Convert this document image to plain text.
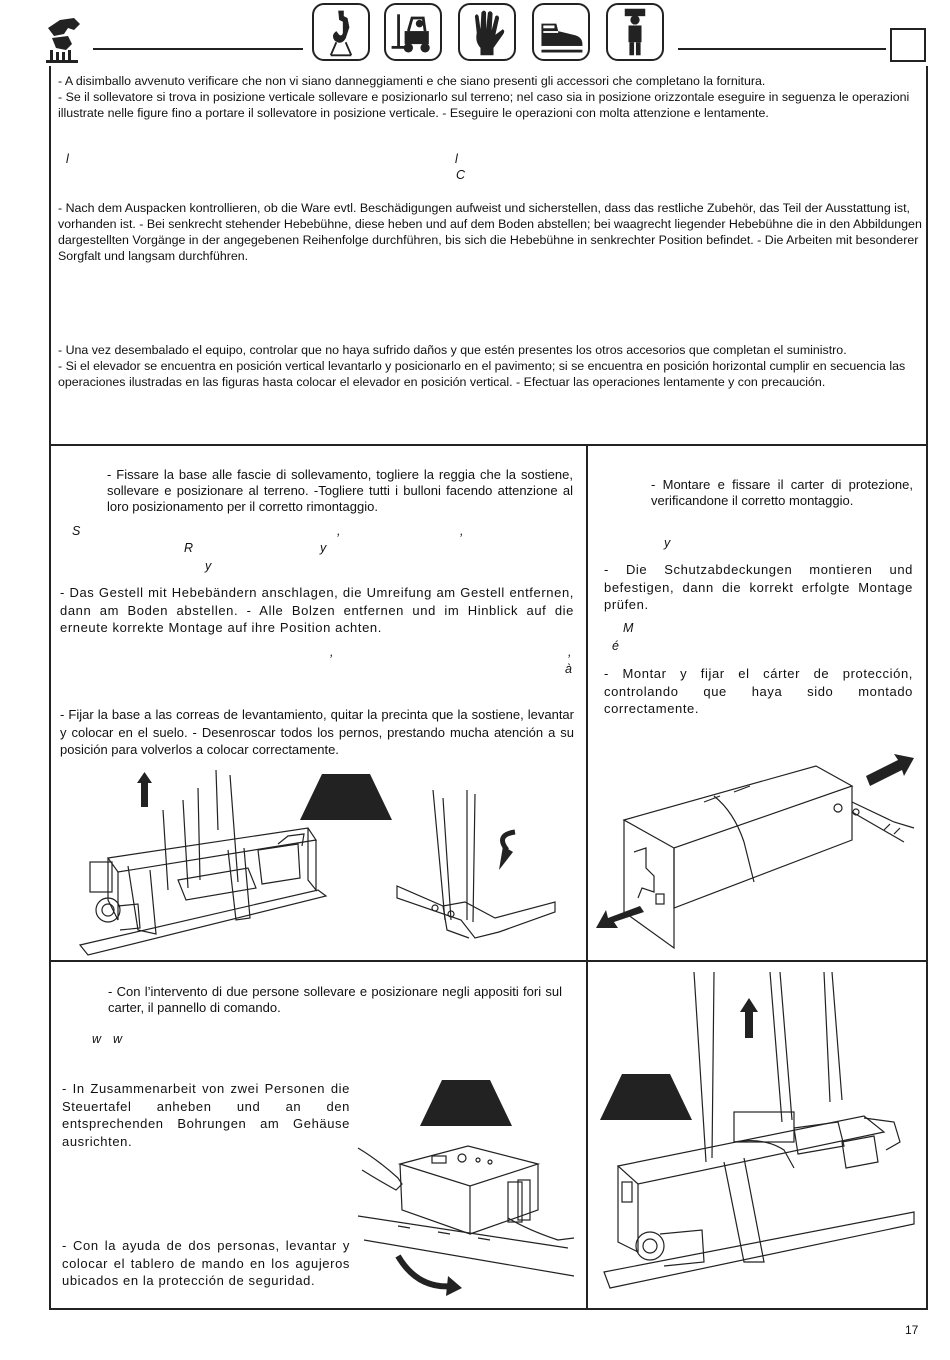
- A disimballo avvenuto verificare che non vi siano danneggiamenti e che siano presenti gli accessori che completano la fornitura.
- Se il sollevatore si trova in posizione verticale sollevare e posizionarlo sul terreno; nel caso sia in posizione orizzontale eseguire in seguenza le operazioni illustrate nelle figure fino a portare il sollevatore in posizione verticale. - Eseguire le operazioni con molta attenzione e lentamente.
l	l
C
- Nach dem Auspacken kontrollieren, ob die Ware evtl. Beschädigungen aufweist und sicherstellen, dass das restliche Zubehör, das Teil der Ausstattung ist, vorhanden ist. - Bei senkrecht stehender Hebebühne, diese heben und auf dem Boden abstellen; bei waagrecht liegender Hebebühne die in den Abbildungen dargestellten Vorgänge in der angegebenen Reihenfolge durchführen, bis sich die Hebebühne in senkrechter Position befindet. - Die Arbeiten mit besonderer Sorgfalt und langsam durchführen.
- Una vez desembalado el equipo, controlar que no haya sufrido daños y que estén presentes los otros accesorios que completan el suministro.
- Si el elevador se encuentra en posición vertical levantarlo y posicionarlo en el pavimento; si se encuentra en posición horizontal cumplir en secuencia las operaciones ilustradas en las figuras hasta colocar el elevador en posición vertical. - Efectuar las operaciones lentamente y con precaución.
- Fissare la base alle fascie di sollevamento, togliere la reggia che la sostiene, sollevare e posizionare al terreno. -Togliere tutti i bulloni facendo attenzione al loro posizionamento per il corretto rimontaggio.
S	,	,
R	y
y
- Das Gestell mit Hebebändern anschlagen, die Umreifung am Gestell entfernen, dann am Boden abstellen. - Alle Bolzen entfernen und im Hinblick auf die erneute korrekte Montage auf ihre Position achten.
,	,
à
- Fijar la base a las correas de levantamiento, quitar la precinta que la sostiene, levantar y colocar en el suelo. - Desenroscar todos los pernos, prestando mucha atención a su posición para volverlos a colocar correctamente.
- Montare e fissare il carter di protezione, verificandone il corretto montaggio.
y
- Die Schutzabdeckungen montieren und befestigen, dann die korrekt erfolgte Montage prüfen.
M
é
- Montar y fijar el cárter de protección, controlando que haya sido montado correctamente.
- Con l’intervento di due persone sollevare e posizionare negli appositi fori sul carter, il pannello di comando.
w w
- In Zusammenarbeit von zwei Personen die Steuertafel anheben und an den entsprechenden Bohrungen am Gehäuse ausrichten.
- Con la ayuda de dos personas, levantar y colocar el tablero de mando en los agujeros ubicados en la protección de seguridad.
17
